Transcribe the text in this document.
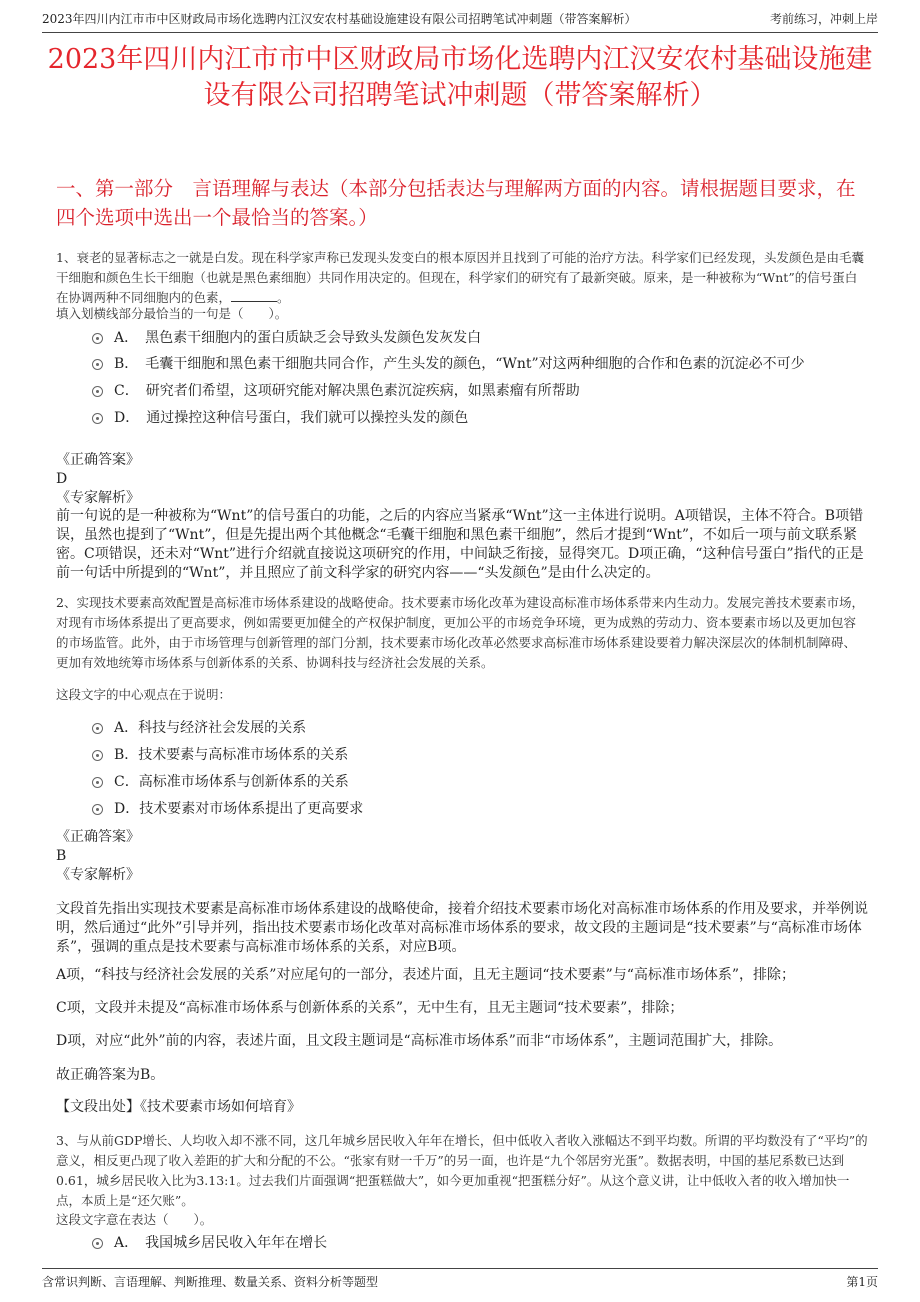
2023年四川内江市市中区财政局市场化选聘内江汉安农村基础设施建设有限公司招聘笔试冲刺题（带答案解析）	考前练习，冲刺上岸
2023年四川内江市市中区财政局市场化选聘内江汉安农村基础设施建设有限公司招聘笔试冲刺题（带答案解析）
一、第一部分　言语理解与表达（本部分包括表达与理解两方面的内容。请根据题目要求，在四个选项中选出一个最恰当的答案。）
1、衰老的显著标志之一就是白发。现在科学家声称已发现头发变白的根本原因并且找到了可能的治疗方法。科学家们已经发现，头发颜色是由毛囊干细胞和颜色生长干细胞（也就是黑色素细胞）共同作用决定的。但现在，科学家们的研究有了最新突破。原来，是一种被称为“Wnt”的信号蛋白在协调两种不同细胞内的色素，	。
填入划横线部分最恰当的一句是（　　）。
A．　黑色素干细胞内的蛋白质缺乏会导致头发颜色发灰发白
B．　毛囊干细胞和黑色素干细胞共同合作，产生头发的颜色，“Wnt”对这两种细胞的合作和色素的沉淀必不可少
C．　研究者们希望，这项研究能对解决黑色素沉淀疾病，如黑素瘤有所帮助
D．　通过操控这种信号蛋白，我们就可以操控头发的颜色
《正确答案》
D
《专家解析》
前一句说的是一种被称为“Wnt”的信号蛋白的功能，之后的内容应当紧承“Wnt”这一主体进行说明。A项错误，主体不符合。B项错误，虽然也提到了“Wnt”，但是先提出两个其他概念“毛囊干细胞和黑色素干细胞”，然后才提到“Wnt”，不如后一项与前文联系紧密。C项错误，还未对“Wnt”进行介绍就直接说这项研究的作用，中间缺乏衔接，显得突兀。D项正确，“这种信号蛋白”指代的正是前一句话中所提到的“Wnt”，并且照应了前文科学家的研究内容——“头发颜色”是由什么决定的。
2、实现技术要素高效配置是高标准市场体系建设的战略使命。技术要素市场化改革为建设高标准市场体系带来内生动力。发展完善技术要素市场，对现有市场体系提出了更高要求，例如需要更加健全的产权保护制度，更加公平的市场竞争环境，更为成熟的劳动力、资本要素市场以及更加包容的市场监管。此外，由于市场管理与创新管理的部门分割，技术要素市场化改革必然要求高标准市场体系建设要着力解决深层次的体制机制障碍、更加有效地统筹市场体系与创新体系的关系、协调科技与经济社会发展的关系。
这段文字的中心观点在于说明：
A．科技与经济社会发展的关系
B．技术要素与高标准市场体系的关系
C．高标准市场体系与创新体系的关系
D．技术要素对市场体系提出了更高要求
《正确答案》
B
《专家解析》
文段首先指出实现技术要素是高标准市场体系建设的战略使命，接着介绍技术要素市场化对高标准市场体系的作用及要求，并举例说明，然后通过“此外”引导并列，指出技术要素市场化改革对高标准市场体系的要求，故文段的主题词是“技术要素”与“高标准市场体系”，强调的重点是技术要素与高标准市场体系的关系，对应B项。
A项，“科技与经济社会发展的关系”对应尾句的一部分，表述片面，且无主题词“技术要素”与“高标准市场体系”，排除；
C项，文段并未提及“高标准市场体系与创新体系的关系”，无中生有，且无主题词“技术要素”，排除；
D项，对应“此外”前的内容，表述片面，且文段主题词是“高标准市场体系”而非“市场体系”，主题词范围扩大，排除。
故正确答案为B。
【文段出处】《技术要素市场如何培育》
3、与从前GDP增长、人均收入却不涨不同，这几年城乡居民收入年年在增长，但中低收入者收入涨幅达不到平均数。所谓的平均数没有了“平均”的意义，相反更凸现了收入差距的扩大和分配的不公。“张家有财一千万”的另一面，也许是“九个邻居穷光蛋”。数据表明，中国的基尼系数已达到0.61，城乡居民收入比为3.13:1。过去我们片面强调“把蛋糕做大”，如今更加重视“把蛋糕分好”。从这个意义讲，让中低收入者的收入增加快一点，本质上是“还欠账”。
这段文字意在表达（　　）。
A．　我国城乡居民收入年年在增长
含常识判断、言语理解、判断推理、数量关系、资料分析等题型	第1页
